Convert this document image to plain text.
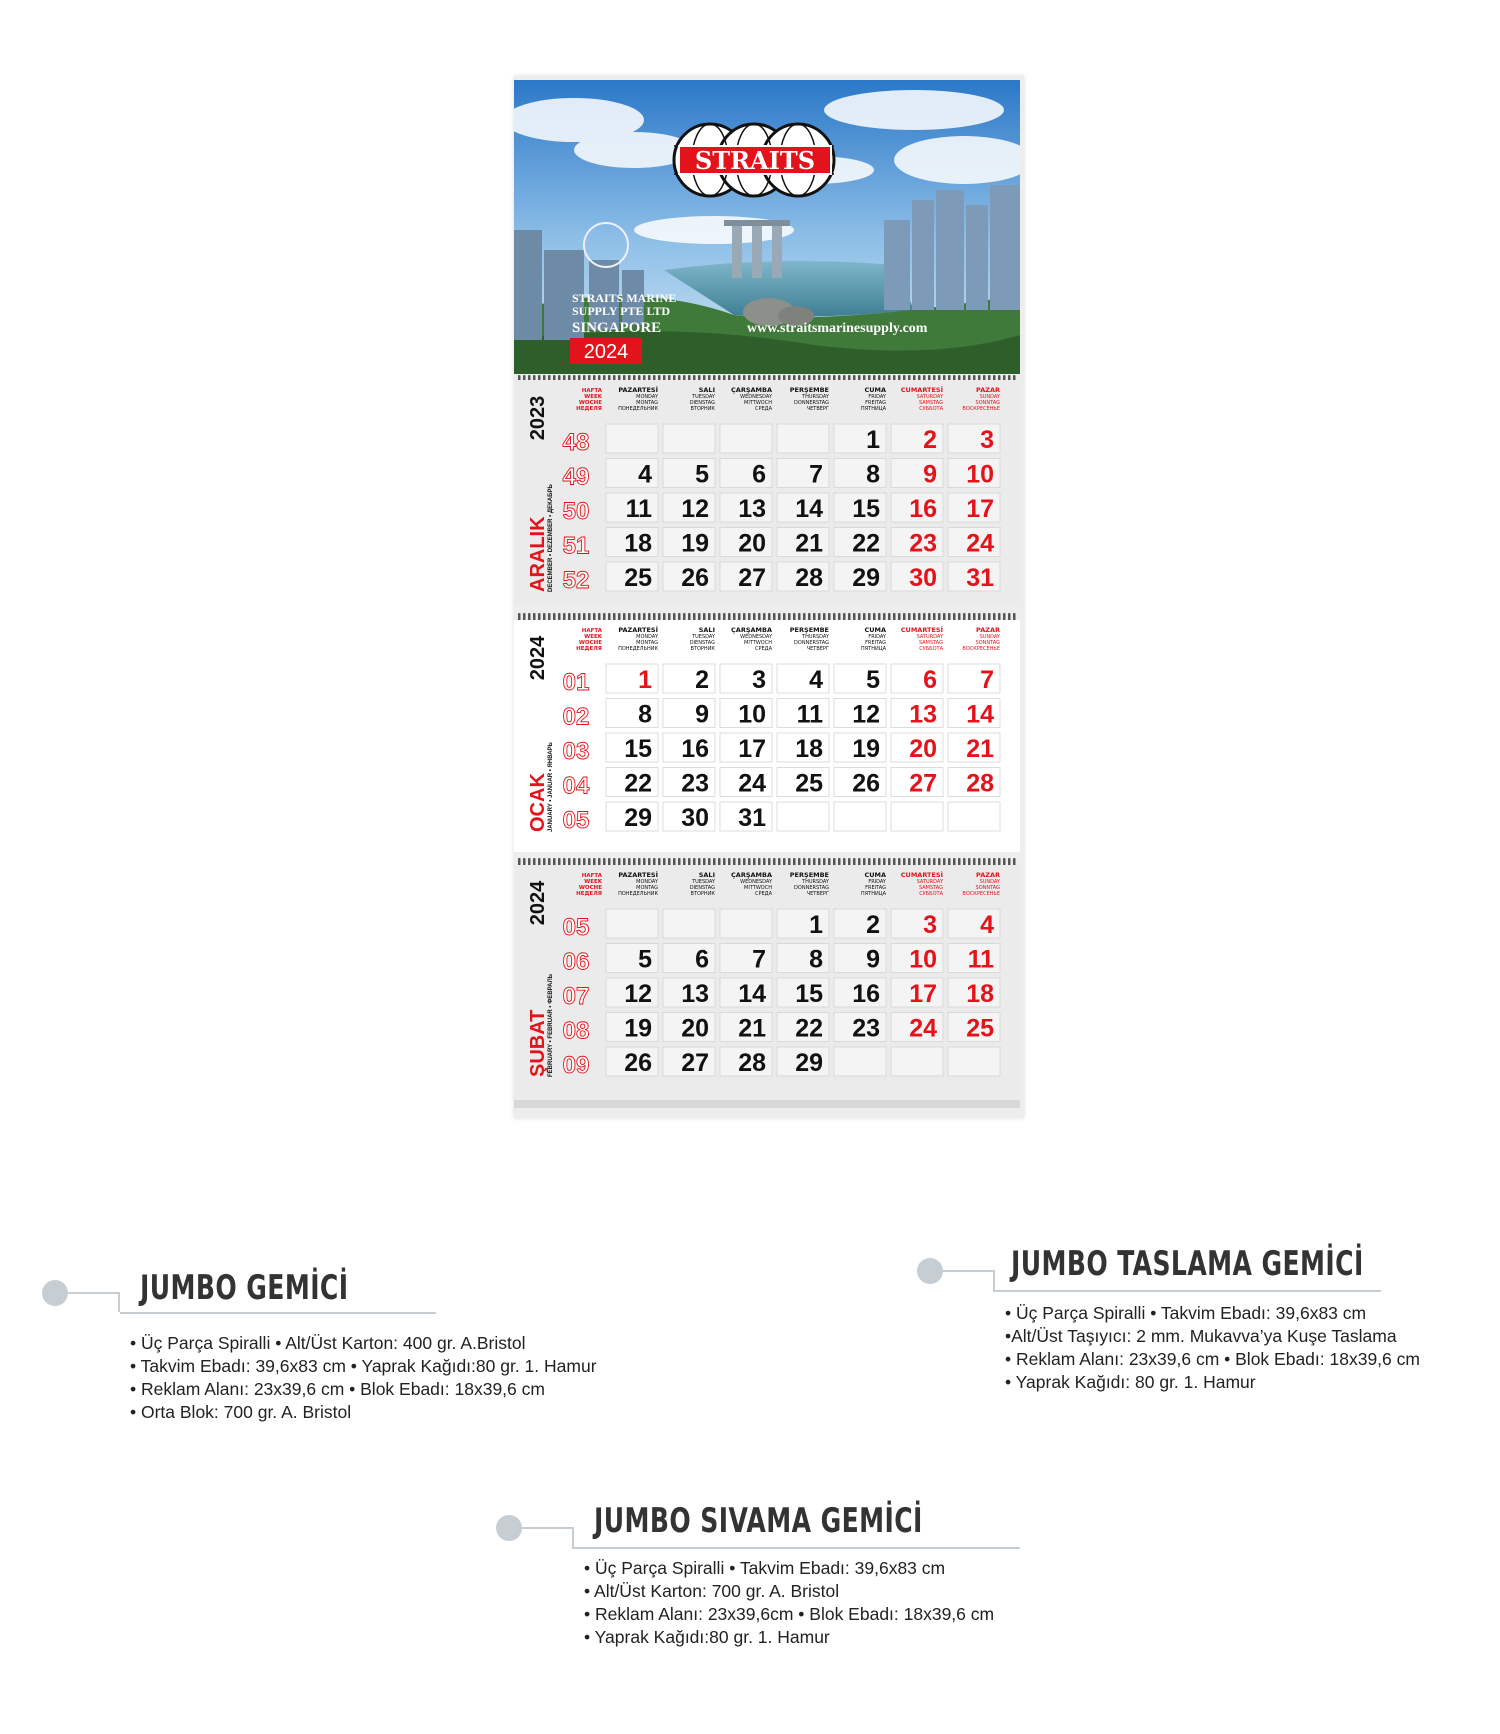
STRAITS
STRAITS MARINE
SUPPLY PTE LTD
SINGAPORE
2024
www.straitsmarinesupply.com
2023
ARALIK DECEMBER • DEZEMBER • ДЕКАБРЬ
HAFTA
WEEK
WOCHE
НЕДЕЛЯ
PAZARTESİ
MONDAY
MONTAG
ПОНЕДЕЛЬНИК
SALI
TUESDAY
DIENSTAG
ВТОРНИК
ÇARŞAMBA
WEDNESDAY
MITTWOCH
СРЕДА
PERŞEMBE
THURSDAY
DONNERSTAG
ЧЕТВЕРГ
CUMA
FRIDAY
FREITAG
ПЯТНИЦА
CUMARTESİ
SATURDAY
SAMSTAG
СУББОТА
PAZAR
SUNDAY
SONNTAG
ВОСКРЕСЕНЬЕ
48
49
50
51
52
1 2 3
4 5 6 7 8 9 10
11 12 13 14 15 16 17
18 19 20 21 22 23 24
25 26 27 28 29 30 31
2024
OCAK JANUARY • JANUAR • ЯНВАРЬ
HAFTA
WEEK
WOCHE
НЕДЕЛЯ
PAZARTESİ
MONDAY
MONTAG
ПОНЕДЕЛЬНИК
SALI
TUESDAY
DIENSTAG
ВТОРНИК
ÇARŞAMBA
WEDNESDAY
MITTWOCH
СРЕДА
PERŞEMBE
THURSDAY
DONNERSTAG
ЧЕТВЕРГ
CUMA
FRIDAY
FREITAG
ПЯТНИЦА
CUMARTESİ
SATURDAY
SAMSTAG
СУББОТА
PAZAR
SUNDAY
SONNTAG
ВОСКРЕСЕНЬЕ
01
02
03
04
05
1 2 3 4 5 6 7
8 9 10 11 12 13 14
15 16 17 18 19 20 21
22 23 24 25 26 27 28
29 30 31
2024
ŞUBAT FEBRUARY • FEBRUAR • ФЕВРАЛЬ
HAFTA
WEEK
WOCHE
НЕДЕЛЯ
PAZARTESİ
MONDAY
MONTAG
ПОНЕДЕЛЬНИК
SALI
TUESDAY
DIENSTAG
ВТОРНИК
ÇARŞAMBA
WEDNESDAY
MITTWOCH
СРЕДА
PERŞEMBE
THURSDAY
DONNERSTAG
ЧЕТВЕРГ
CUMA
FRIDAY
FREITAG
ПЯТНИЦА
CUMARTESİ
SATURDAY
SAMSTAG
СУББОТА
PAZAR
SUNDAY
SONNTAG
ВОСКРЕСЕНЬЕ
05
06
07
08
09
1 2 3 4
5 6 7 8 9 10 11
12 13 14 15 16 17 18
19 20 21 22 23 24 25
26 27 28 29
JUMBO GEMİCİ
• Üç Parça Spiralli • Alt/Üst Karton: 400 gr. A.Bristol
• Takvim Ebadı: 39,6x83 cm • Yaprak Kağıdı:80 gr. 1. Hamur
• Reklam Alanı: 23x39,6 cm • Blok Ebadı: 18x39,6 cm
• Orta Blok: 700 gr. A. Bristol
JUMBO TASLAMA GEMİCİ
• Üç Parça Spiralli • Takvim Ebadı: 39,6x83 cm
•Alt/Üst Taşıyıcı: 2 mm. Mukavva’ya Kuşe Taslama
• Reklam Alanı: 23x39,6 cm • Blok Ebadı: 18x39,6 cm
• Yaprak Kağıdı: 80 gr. 1. Hamur
JUMBO SIVAMA GEMİCİ
• Üç Parça Spiralli • Takvim Ebadı: 39,6x83 cm
• Alt/Üst Karton: 700 gr. A. Bristol
• Reklam Alanı: 23x39,6cm • Blok Ebadı: 18x39,6 cm
• Yaprak Kağıdı:80 gr. 1. Hamur
